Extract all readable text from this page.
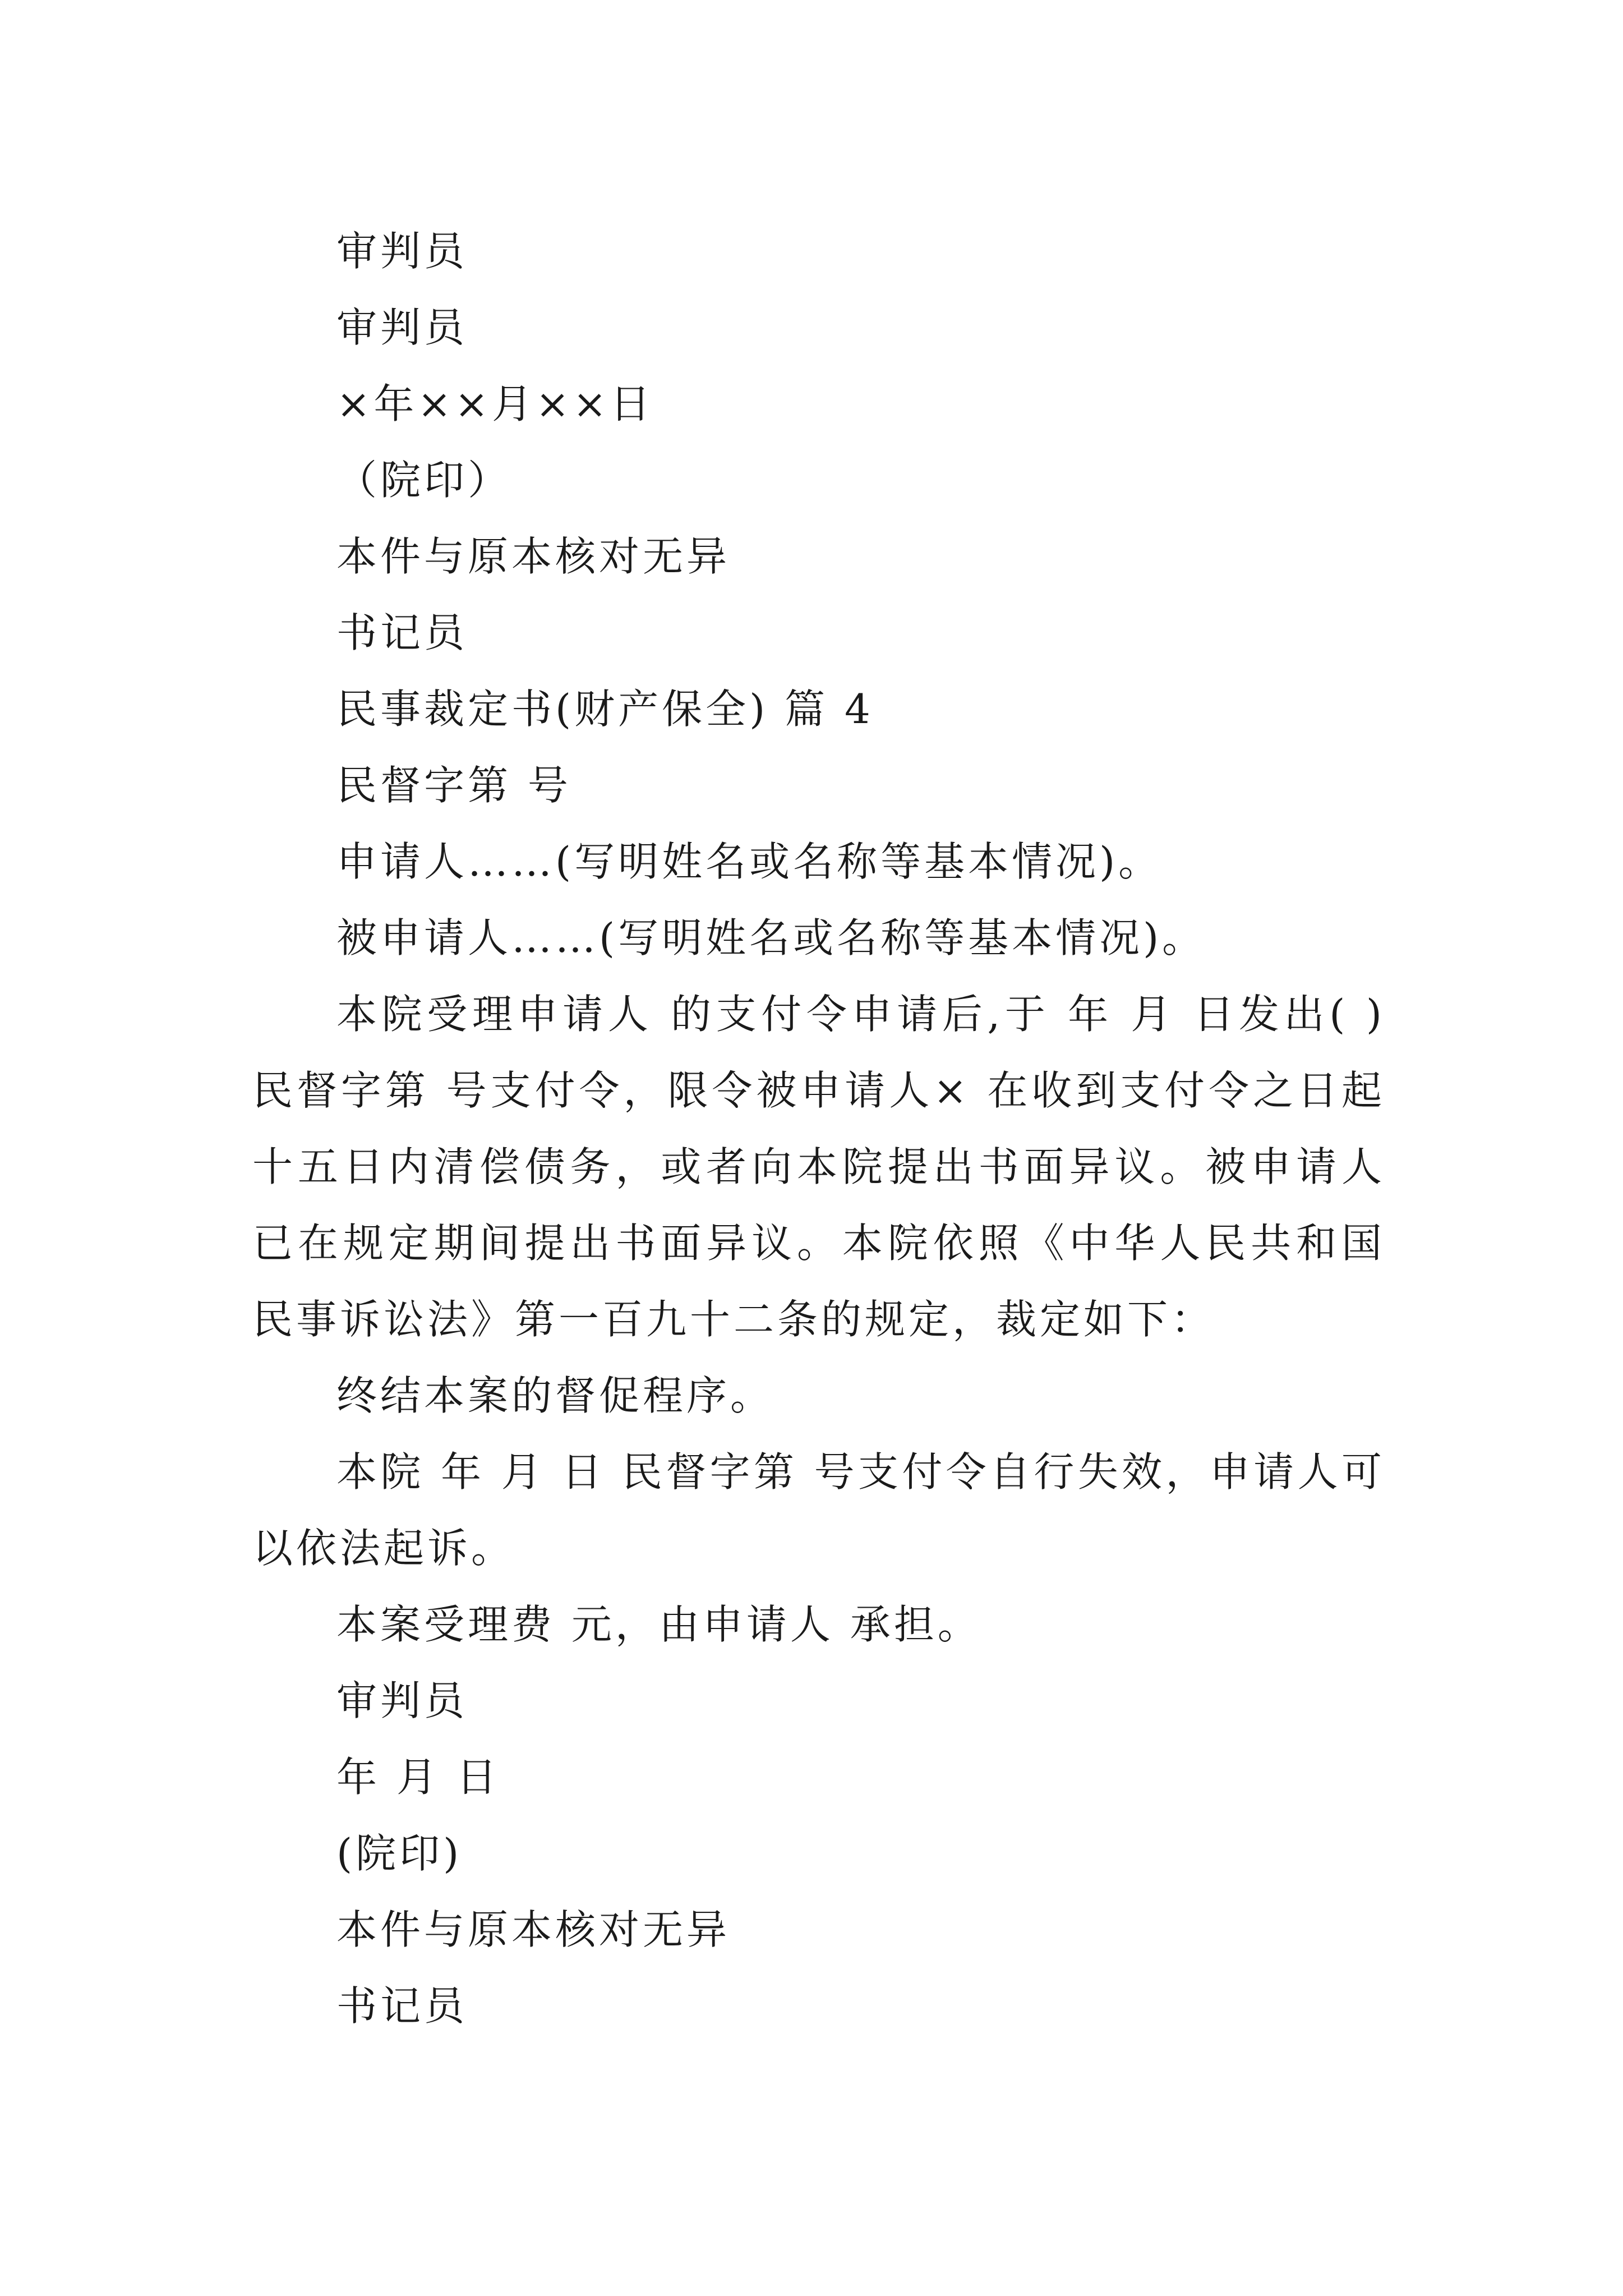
审判员
审判员
×年××月××日
（院印）
本件与原本核对无异
书记员
民事裁定书(财产保全) 篇 4
民督字第 号
申请人……(写明姓名或名称等基本情况)。
被申请人……(写明姓名或名称等基本情况)。
本院受理申请人 的支付令申请后,于 年 月 日发出( )民督字第 号支付令，限令被申请人× 在收到支付令之日起十五日内清偿债务，或者向本院提出书面异议。被申请人已在规定期间提出书面异议。本院依照《中华人民共和国民事诉讼法》第一百九十二条的规定，裁定如下：
终结本案的督促程序。
本院 年 月 日 民督字第 号支付令自行失效，申请人可以依法起诉。
本案受理费 元，由申请人 承担。
审判员
年 月 日
(院印)
本件与原本核对无异
书记员
